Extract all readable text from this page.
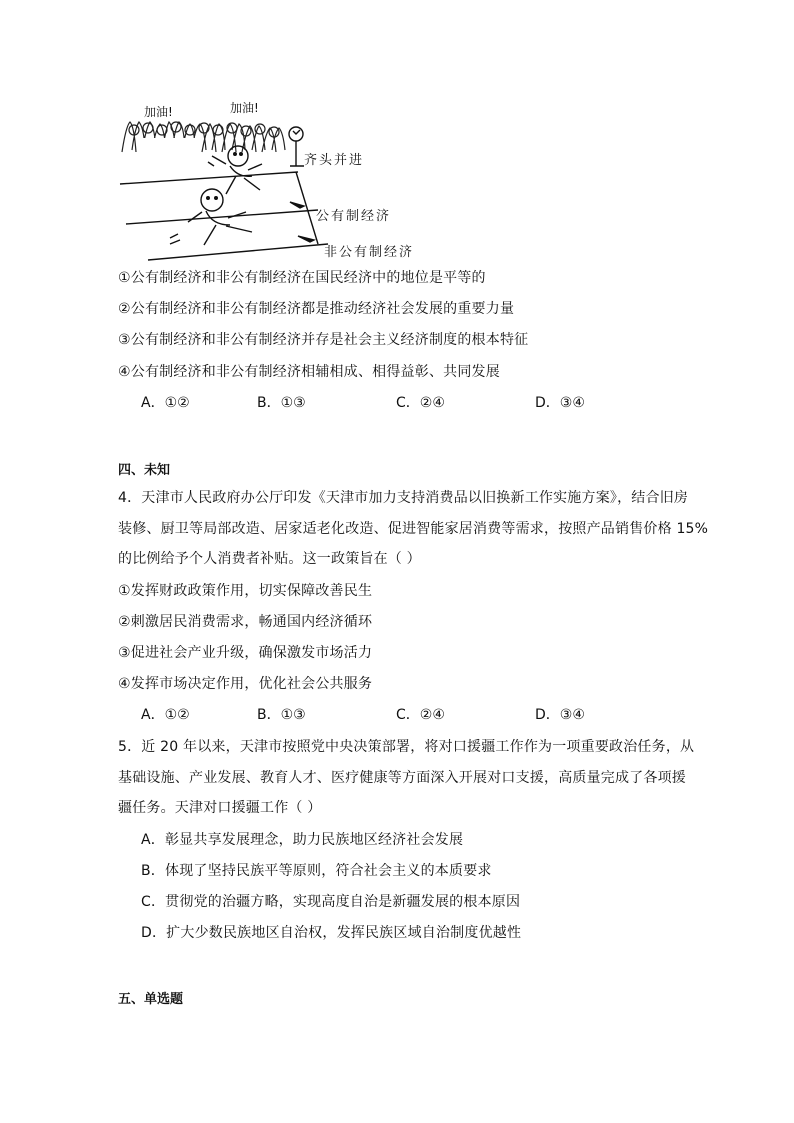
加油!	加油!
齐头并进
公有制经济
非公有制经济
①公有制经济和非公有制经济在国民经济中的地位是平等的
②公有制经济和非公有制经济都是推动经济社会发展的重要力量
③公有制经济和非公有制经济并存是社会主义经济制度的根本特征
④公有制经济和非公有制经济相辅相成、相得益彰、共同发展
A．①②	B．①③	C．②④	D．③④
四、未知
4．天津市人民政府办公厅印发《天津市加力支持消费品以旧换新工作实施方案》，结合旧房
装修、厨卫等局部改造、居家适老化改造、促进智能家居消费等需求，按照产品销售价格 15%
的比例给予个人消费者补贴。这一政策旨在（ ）
①发挥财政政策作用，切实保障改善民生
②刺激居民消费需求，畅通国内经济循环
③促进社会产业升级，确保激发市场活力
④发挥市场决定作用，优化社会公共服务
A．①②	B．①③	C．②④	D．③④
5．近 20 年以来，天津市按照党中央决策部署，将对口援疆工作作为一项重要政治任务，从
基础设施、产业发展、教育人才、医疗健康等方面深入开展对口支援，高质量完成了各项援
疆任务。天津对口援疆工作（ ）
A．彰显共享发展理念，助力民族地区经济社会发展
B．体现了坚持民族平等原则，符合社会主义的本质要求
C．贯彻党的治疆方略，实现高度自治是新疆发展的根本原因
D．扩大少数民族地区自治权，发挥民族区域自治制度优越性
五、单选题
